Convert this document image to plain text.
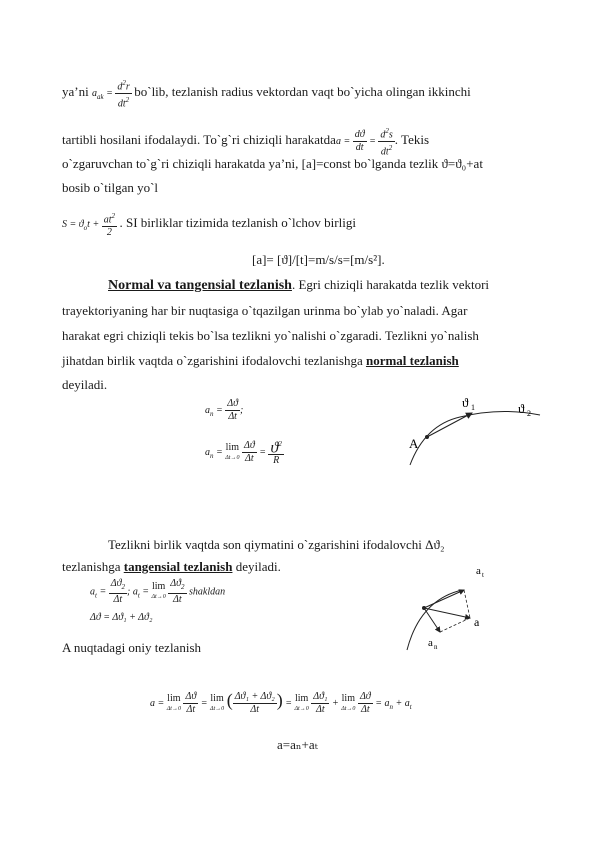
ya’ni $a_{ak} = \frac{d^2r}{dt^2}$ bo`lib, tezlanish radius vektordan vaqt bo`yicha olingan ikkinchi
tartibli hosilani ifodalaydi. To`g`ri chiziqli harakatdaa = $\frac{dϑ}{dt} = \frac{d^2s}{dt^2}$ . Tekis
o`zgaruvchan to`g`ri chiziqli harakatda ya’ni, [a]=const bo`lganda tezlik ϑ=ϑ₀+at
bosib o`tilgan yo`l
$S = ϑ_ot + \frac{at^2}{2}$ . SI birliklar tizimida tezlanish o`lchov birligi
[a]= [ϑ]/[t]=m/s/s=[m/s²].
Normal va tangensial tezlanish. Egri chiziqli harakatda tezlik vektori
trayektoriyaning har bir nuqtasiga o`tqazilgan urinma bo`ylab yo`naladi. Agar
harakat egri chiziqli tekis bo`lsa tezlikni yo`nalishi o`zgaradi. Tezlikni yo`nalish
jihatdan birlik vaqtda o`zgarishini ifodalovchi tezlanishga normal tezlanish
deyiladi.
$a_n = \frac{\Delta ϑ}{\Delta t}$ ;
$a_n = \lim$
Δt→0
$\frac{\Delta ϑ}{\Delta t} = \frac{ϑ^2}{R}$	A
ϑ 1	ϑ 2
Tezlikni birlik vaqtda son qiymatini o`zgarishini ifodalovchi Δϑ₂
tezlanishga tangensial tezlanish deyiladi.
$a_t = \frac{\Delta ϑ_2}{\Delta t}$ ; $a_t = \lim$
Δt→0
$\frac{\Delta ϑ_2}{\Delta t}$ shakldan
Δϑ = Δϑ₁ + Δϑ₂
a t
a
a n
A nuqtadagi oniy tezlanish
a = lim
Δt→0
$\frac{\Delta ϑ}{\Delta t} = \lim$
Δt→0 ( $\frac{\text{Δϑ₁ + Δϑ₂}}{\Delta t}$ ) = lim
Δt→0
$\frac{\text{Δϑ₁}}{\Delta t} + \lim$
Δt→0
$\frac{\Delta ϑ}{\Delta t} = a_n + a_t$
a=aₙ+aₜ
